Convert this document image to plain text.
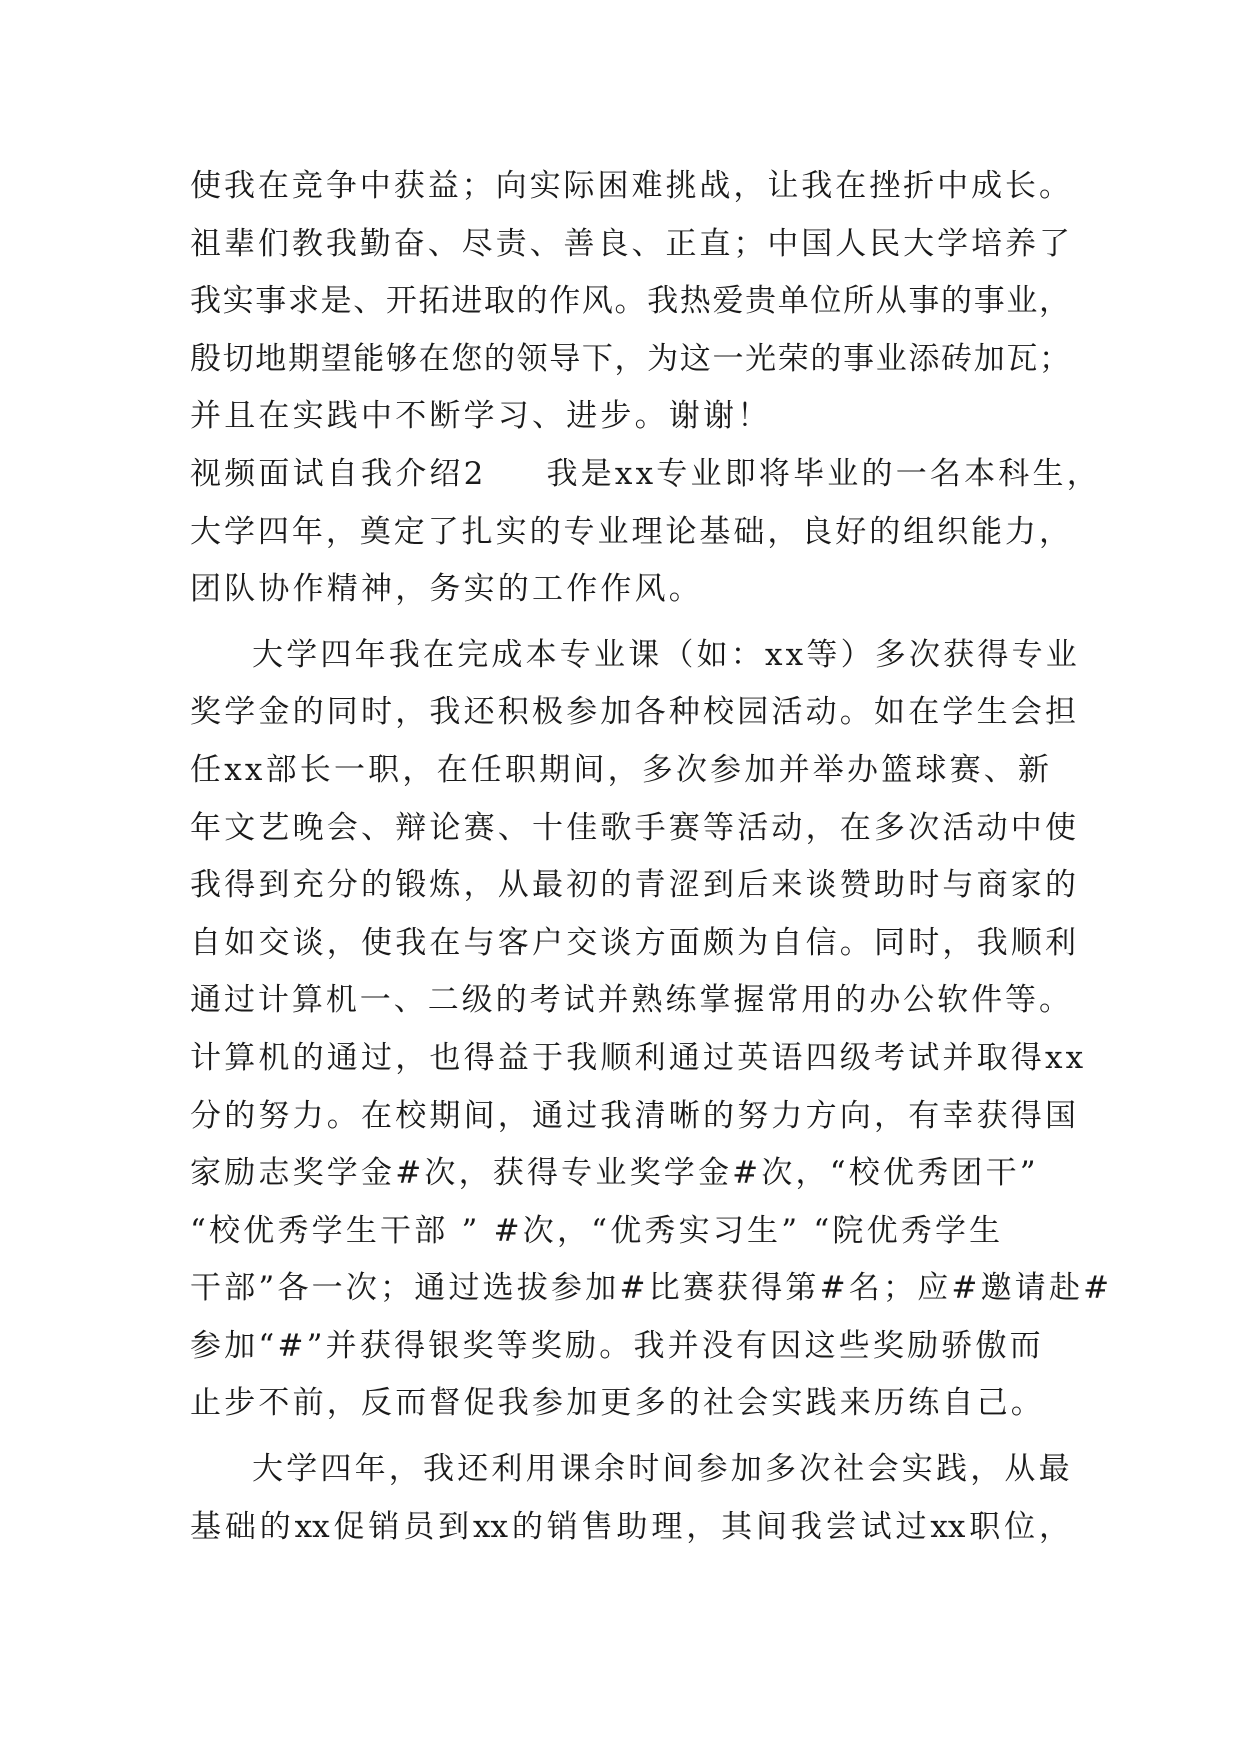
使我在竞争中获益；向实际困难挑战，让我在挫折中成长。
祖辈们教我勤奋、尽责、善良、正直；中国人民大学培养了
我实事求是、开拓进取的作风。我热爱贵单位所从事的事业，
殷切地期望能够在您的领导下，为这一光荣的事业添砖加瓦；
并且在实践中不断学习、进步。谢谢！
视频面试自我介绍2 我是xx专业即将毕业的一名本科生，
大学四年，奠定了扎实的专业理论基础，良好的组织能力，
团队协作精神，务实的工作作风。
大学四年我在完成本专业课（如：xx等）多次获得专业
奖学金的同时，我还积极参加各种校园活动。如在学生会担
任xx部长一职，在任职期间，多次参加并举办篮球赛、新
年文艺晚会、辩论赛、十佳歌手赛等活动，在多次活动中使
我得到充分的锻炼，从最初的青涩到后来谈赞助时与商家的
自如交谈，使我在与客户交谈方面颇为自信。同时，我顺利
通过计算机一、二级的考试并熟练掌握常用的办公软件等。
计算机的通过，也得益于我顺利通过英语四级考试并取得xx
分的努力。在校期间，通过我清晰的努力方向，有幸获得国
家励志奖学金#次，获得专业奖学金#次，“校优秀团干”
“校优秀学生干部 ” #次，“优秀实习生” “院优秀学生
干部”各一次；通过选拔参加#比赛获得第#名；应#邀请赴#
参加“#”并获得银奖等奖励。我并没有因这些奖励骄傲而
止步不前，反而督促我参加更多的社会实践来历练自己。
大学四年，我还利用课余时间参加多次社会实践，从最
基础的xx促销员到xx的销售助理，其间我尝试过xx职位，
